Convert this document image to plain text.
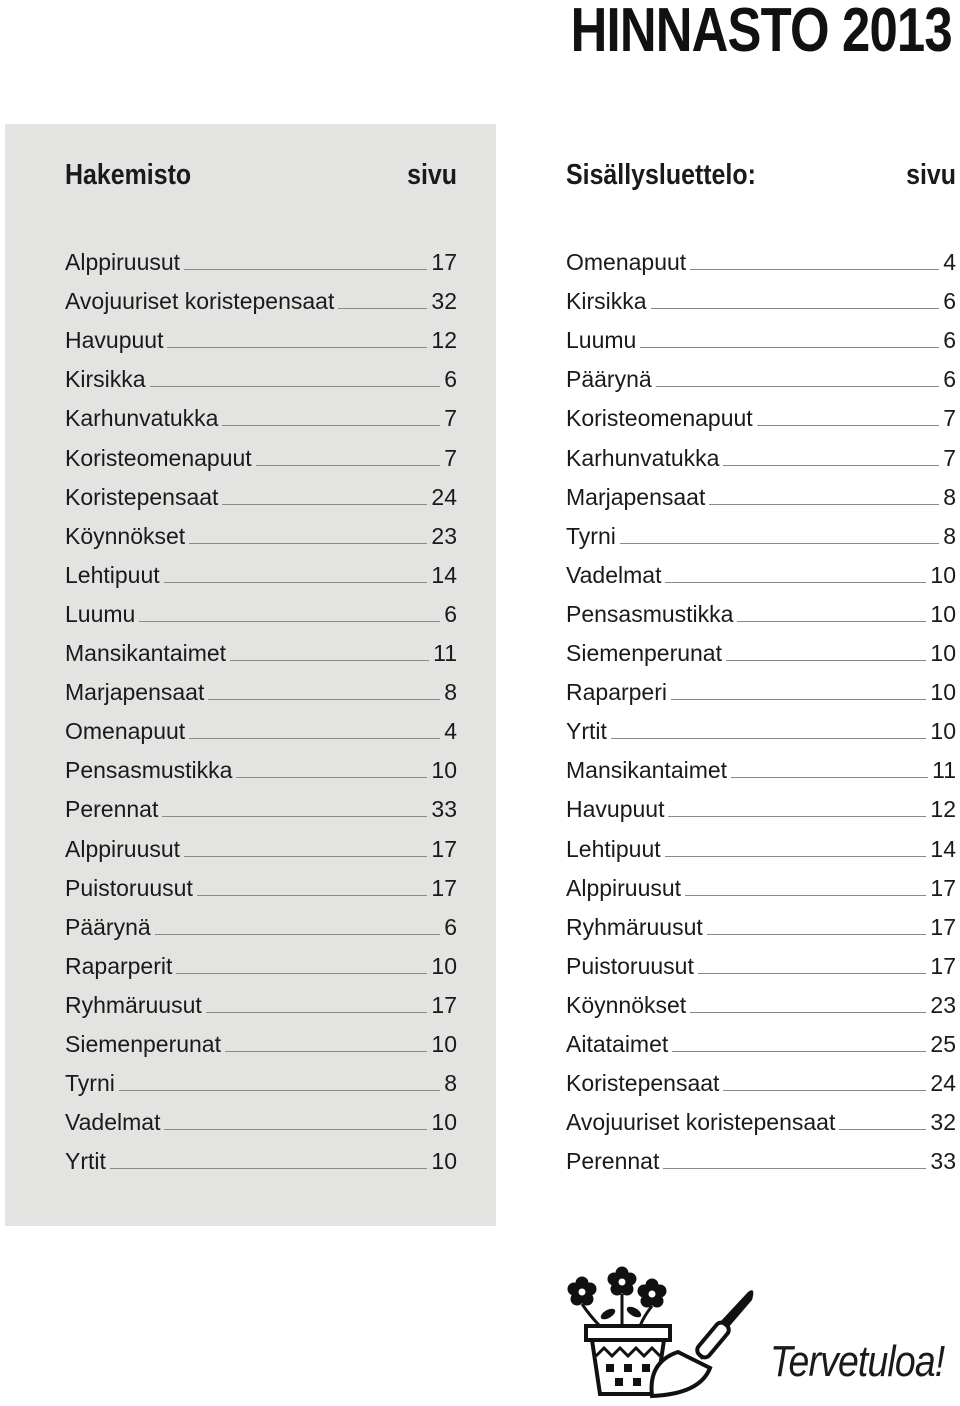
HINNASTO 2013
Hakemisto	sivu	Sisällysluettelo:	sivu
Alppiruusut	17
Avojuuriset koristepensaat	32
Havupuut	12
Kirsikka	6
Karhunvatukka	7
Koristeomenapuut	7
Koristepensaat	24
Köynnökset	23
Lehtipuut	14
Luumu	6
Mansikantaimet	11
Marjapensaat	8
Omenapuut	4
Pensasmustikka	10
Perennat	33
Alppiruusut	17
Puistoruusut	17
Päärynä	6
Raparperit	10
Ryhmäruusut	17
Siemenperunat	10
Tyrni	8
Vadelmat	10
Yrtit	10
Omenapuut	4
Kirsikka	6
Luumu	6
Päärynä	6
Koristeomenapuut	7
Karhunvatukka	7
Marjapensaat	8
Tyrni	8
Vadelmat	10
Pensasmustikka	10
Siemenperunat	10
Raparperi	10
Yrtit	10
Mansikantaimet	11
Havupuut	12
Lehtipuut	14
Alppiruusut	17
Ryhmäruusut	17
Puistoruusut	17
Köynnökset	23
Aitataimet	25
Koristepensaat	24
Avojuuriset koristepensaat	32
Perennat	33

Tervetuloa!
